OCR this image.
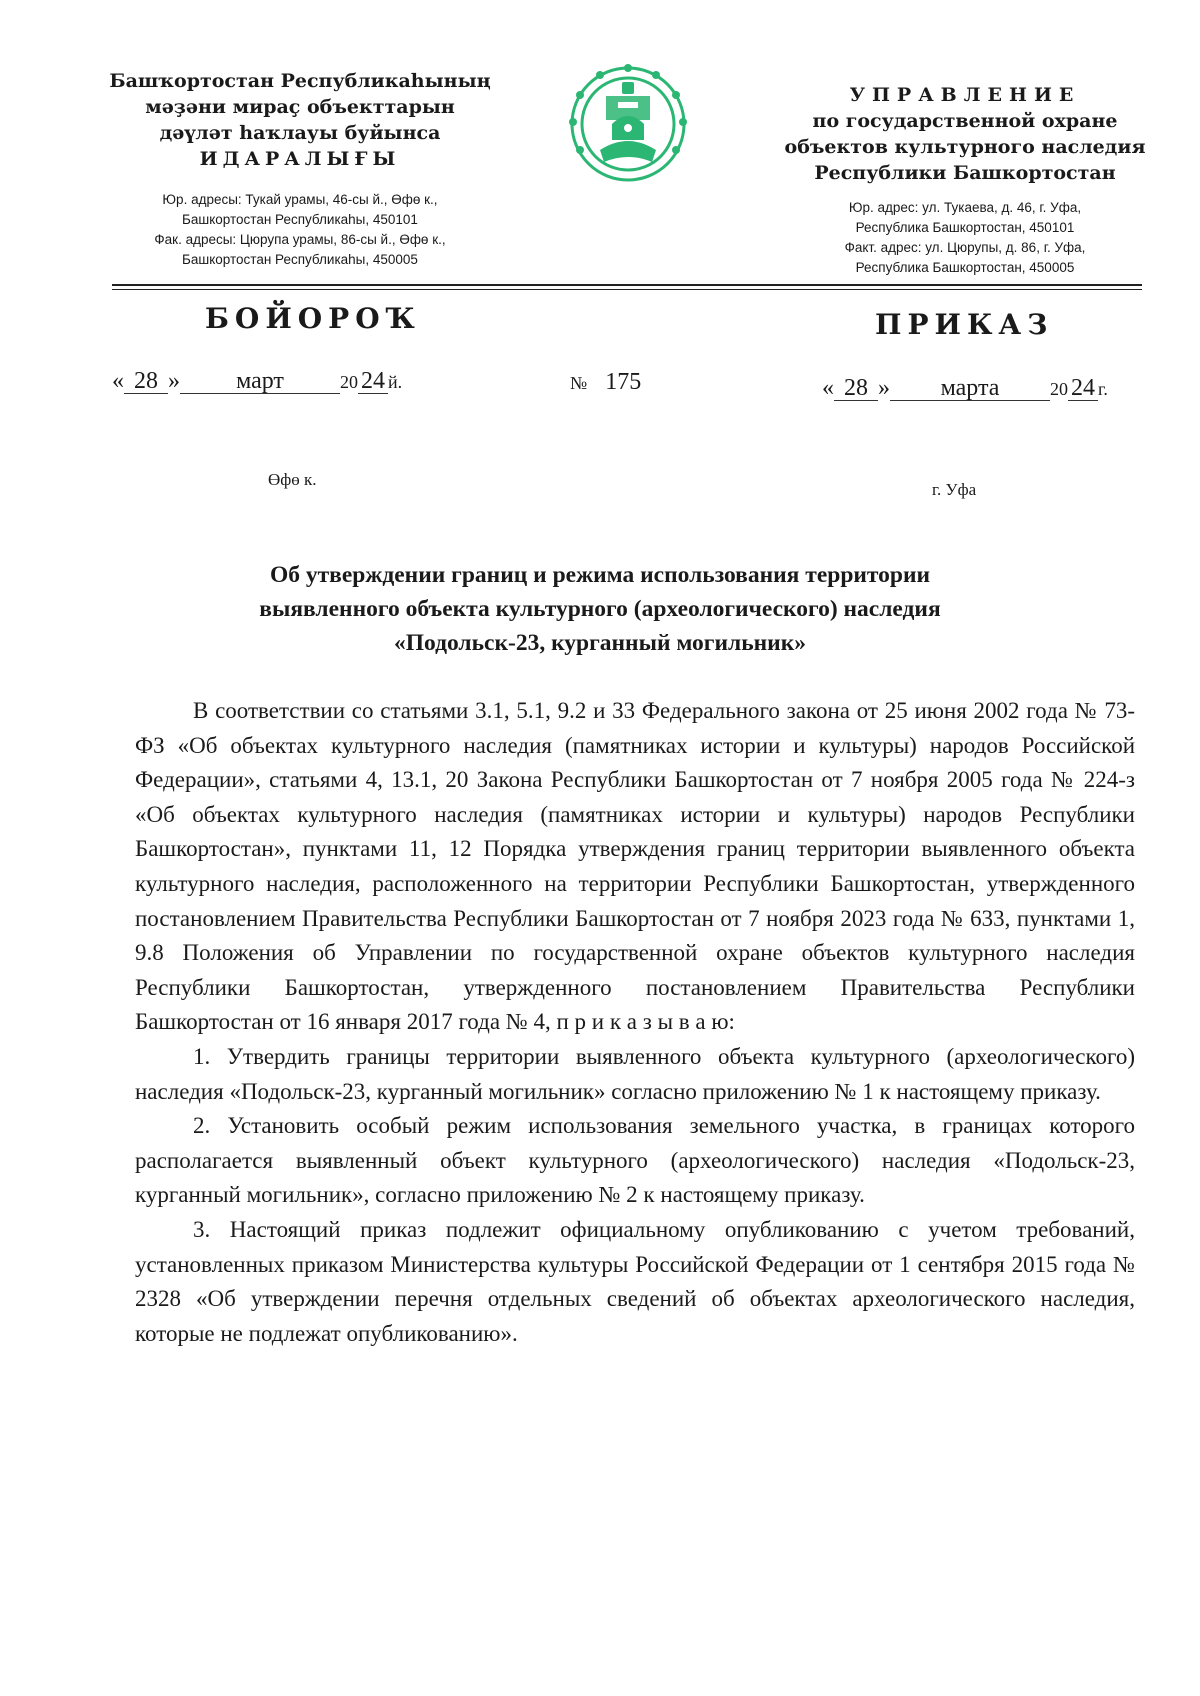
Башҡортостан Республикаһының
мәҙәни мираҫ объекттарын
дәүләт һаҡлауы буйынса
ИДАРАЛЫҒЫ
Юр. адресы: Тукай урамы, 46-сы й., Өфө к.,
Башкортостан Республикаһы, 450101
Фак. адресы: Цюрупа урамы, 86-сы й., Өфө к.,
Башкортостан Республикаһы, 450005
УПРАВЛЕНИЕ
по государственной охране
объектов культурного наследия
Республики Башкортостан
Юр. адрес: ул. Тукаева, д. 46, г. Уфа,
Республика Башкортостан, 450101
Факт. адрес: ул. Цюрупы, д. 86, г. Уфа,
Республика Башкортостан, 450005
БОЙОРОҠ	ПРИКАЗ
« 28 » март	20 24 й.	№ 175	« 28 » марта	20 24 г.
Өфө к.
г. Уфа
Об утверждении границ и режима использования территории
выявленного объекта культурного (археологического) наследия
«Подольск-23, курганный могильник»

В соответствии со статьями 3.1, 5.1, 9.2 и 33 Федерального закона от 25 июня 2002 года № 73-ФЗ «Об объектах культурного наследия (памятниках истории и культуры) народов Российской Федерации», статьями 4, 13.1, 20 Закона Республики Башкортостан от 7 ноября 2005 года № 224-з «Об объектах культурного наследия (памятниках истории и культуры) народов Республики Башкортостан», пунктами 11, 12 Порядка утверждения границ территории выявленного объекта культурного наследия, расположенного на территории Республики Башкортостан, утвержденного постановлением Правительства Республики Башкортостан от 7 ноября 2023 года № 633, пунктами 1, 9.8 Положения об Управлении по государственной охране объектов культурного наследия Республики Башкортостан, утвержденного постановлением Правительства Республики Башкортостан от 16 января 2017 года № 4, п р и к а з ы в а ю:

1. Утвердить границы территории выявленного объекта культурного (археологического) наследия «Подольск-23, курганный могильник» согласно приложению № 1 к настоящему приказу.

2. Установить особый режим использования земельного участка, в границах которого располагается выявленный объект культурного (археологического) наследия «Подольск-23, курганный могильник», согласно приложению № 2 к настоящему приказу.

3. Настоящий приказ подлежит официальному опубликованию с учетом требований, установленных приказом Министерства культуры Российской Федерации от 1 сентября 2015 года № 2328 «Об утверждении перечня отдельных сведений об объектах археологического наследия, которые не подлежат опубликованию».
